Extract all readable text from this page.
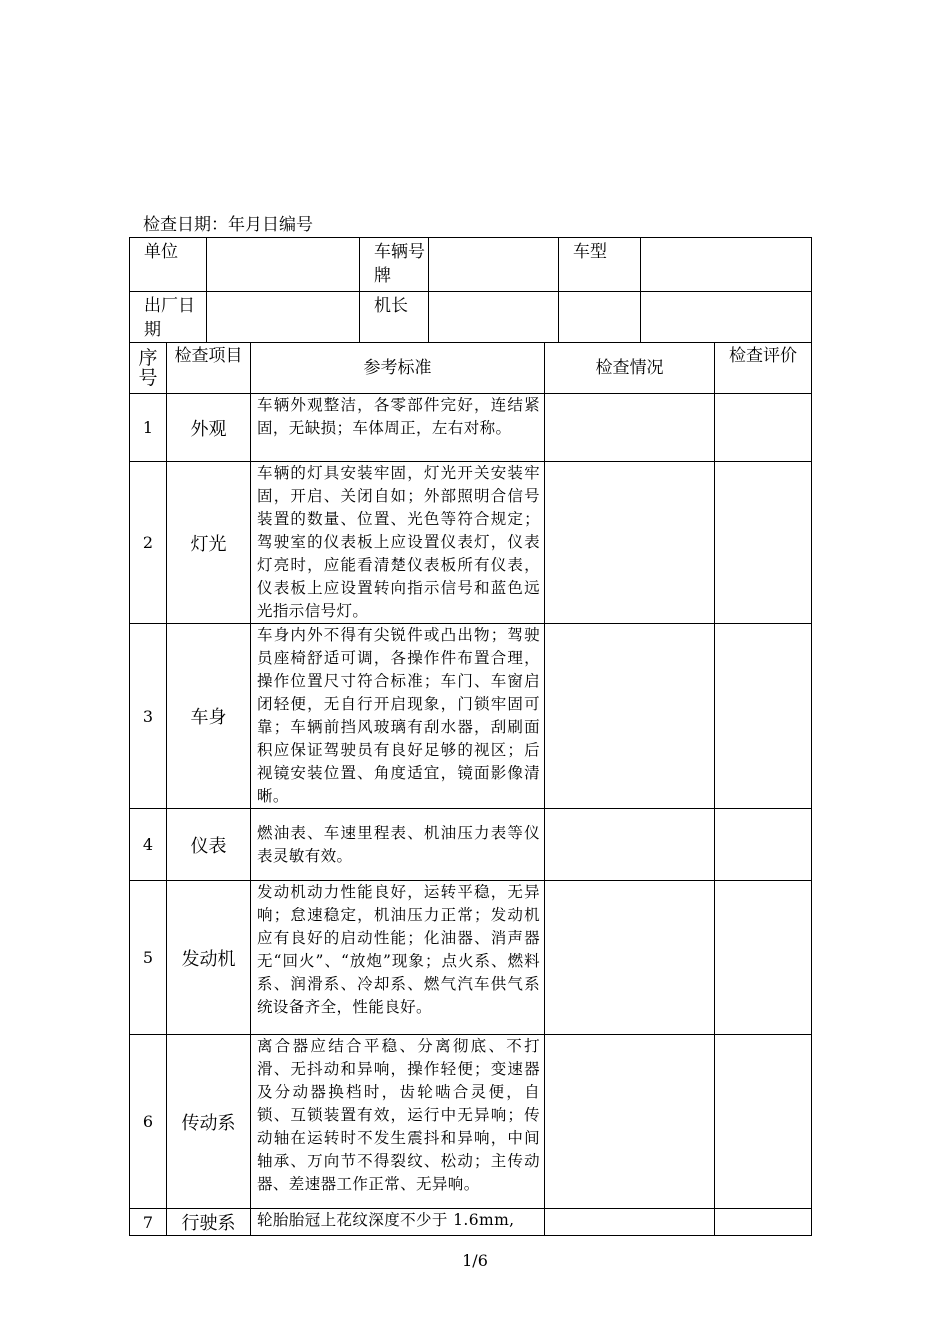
检查日期：年月日编号
单位		车辆号牌		车型	
出厂日期		机长			
序号	检查项目	参考标准	检查情况	检查评价
1	外观	车辆外观整洁，各零部件完好，连结紧固，无缺损；车体周正，左右对称。		
2	灯光	车辆的灯具安装牢固，灯光开关安装牢固，开启、关闭自如；外部照明合信号装置的数量、位置、光色等符合规定；驾驶室的仪表板上应设置仪表灯，仪表灯亮时，应能看清楚仪表板所有仪表，仪表板上应设置转向指示信号和蓝色远光指示信号灯。		
3	车身	车身内外不得有尖锐件或凸出物；驾驶员座椅舒适可调，各操作件布置合理，操作位置尺寸符合标准；车门、车窗启闭轻便，无自行开启现象，门锁牢固可靠；车辆前挡风玻璃有刮水器，刮刷面积应保证驾驶员有良好足够的视区；后视镜安装位置、角度适宜，镜面影像清晰。		
4	仪表	燃油表、车速里程表、机油压力表等仪表灵敏有效。		
5	发动机	发动机动力性能良好，运转平稳，无异响；怠速稳定，机油压力正常；发动机应有良好的启动性能；化油器、消声器无“回火”、“放炮”现象；点火系、燃料系、润滑系、冷却系、燃气汽车供气系统设备齐全，性能良好。		
6	传动系	离合器应结合平稳、分离彻底、不打滑、无抖动和异响，操作轻便；变速器及分动器换档时，齿轮啮合灵便，自锁、互锁装置有效，运行中无异响；传动轴在运转时不发生震抖和异响，中间轴承、万向节不得裂纹、松动；主传动器、差速器工作正常、无异响。		
7	行驶系	轮胎胎冠上花纹深度不少于 1.6mm,		
1/6
